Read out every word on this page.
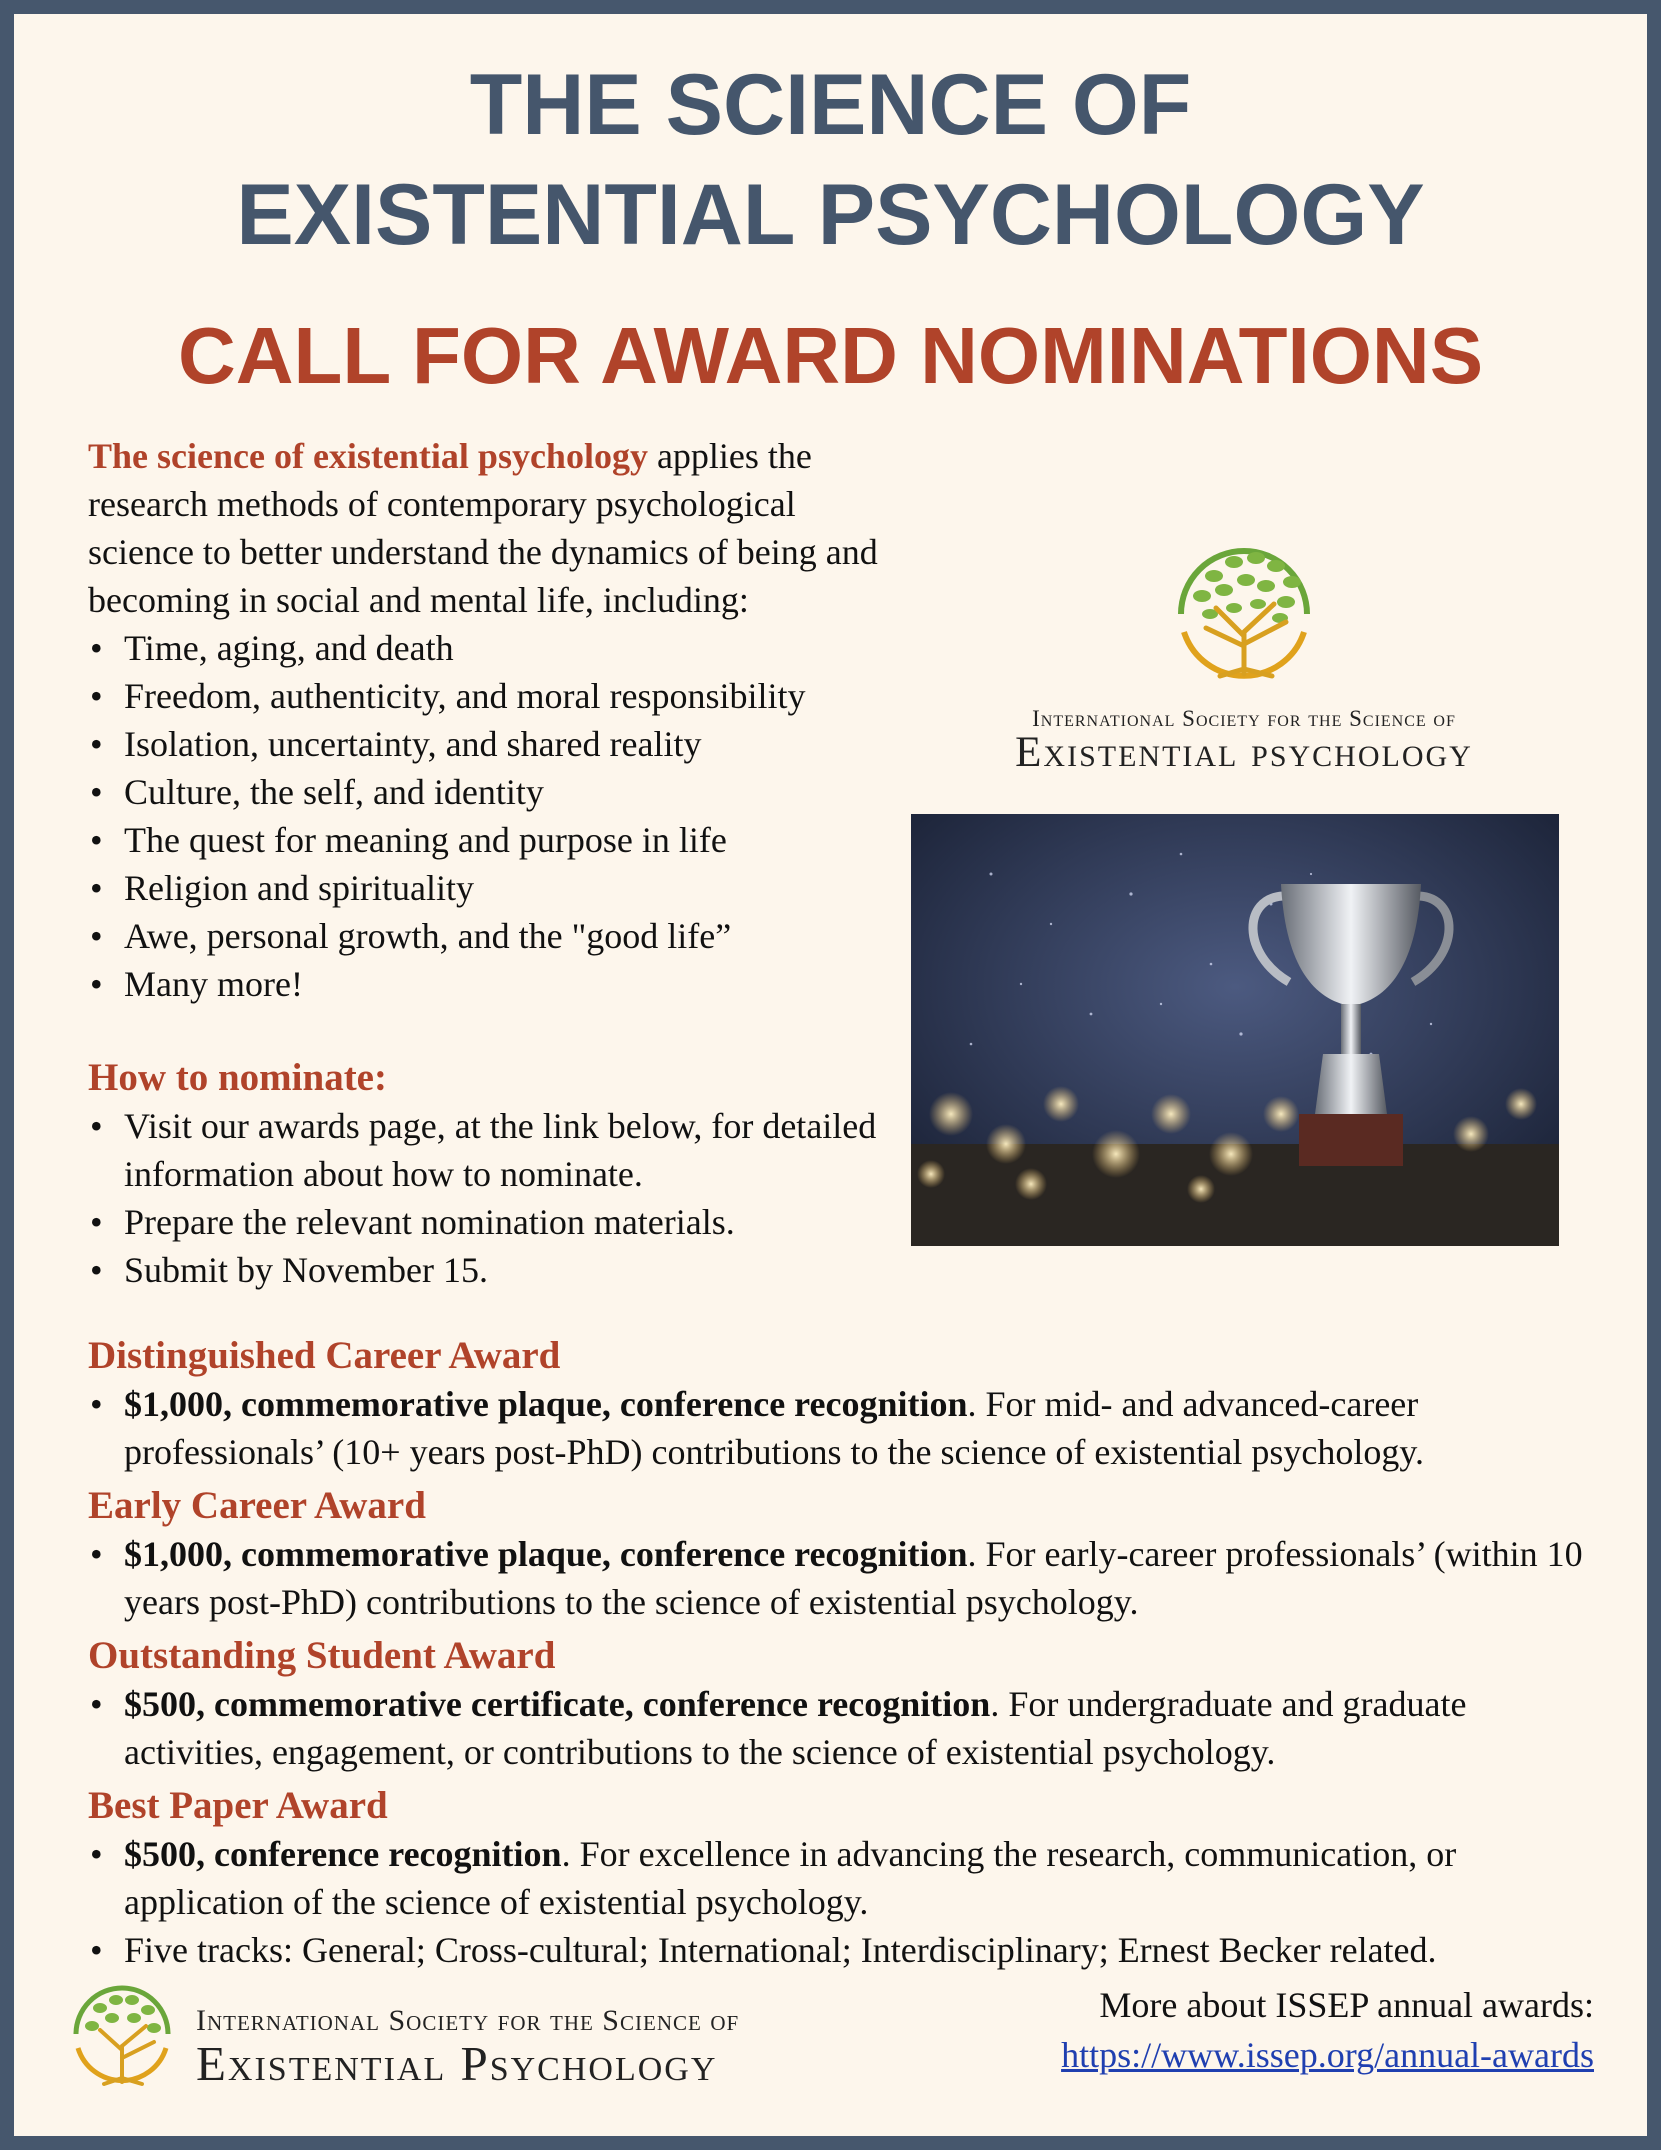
THE SCIENCE OF
EXISTENTIAL PSYCHOLOGY
CALL FOR AWARD NOMINATIONS

The science of existential psychology applies the research methods of contemporary psychological science to better understand the dynamics of being and becoming in social and mental life, including:

• Time, aging, and death
• Freedom, authenticity, and moral responsibility
• Isolation, uncertainty, and shared reality
• Culture, the self, and identity
• The quest for meaning and purpose in life
• Religion and spirituality
• Awe, personal growth, and the "good life”
• Many more!
How to nominate:
• Visit our awards page, at the link below, for detailed information about how to nominate.
• Prepare the relevant nomination materials.
• Submit by November 15.
International Society for the Science of
Existential psychology
Distinguished Career Award
• $1,000, commemorative plaque, conference recognition. For mid- and advanced-career professionals’ (10+ years post-PhD) contributions to the science of existential psychology.
Early Career Award
• $1,000, commemorative plaque, conference recognition. For early-career professionals’ (within 10 years post-PhD) contributions to the science of existential psychology.
Outstanding Student Award
• $500, commemorative certificate, conference recognition. For undergraduate and graduate activities, engagement, or contributions to the science of existential psychology.
Best Paper Award
• $500, conference recognition. For excellence in advancing the research, communication, or application of the science of existential psychology.
• Five tracks: General; Cross-cultural; International; Interdisciplinary; Ernest Becker related.
International Society for the Science of
Existential Psychology
More about ISSEP annual awards:
https://www.issep.org/annual-awards
